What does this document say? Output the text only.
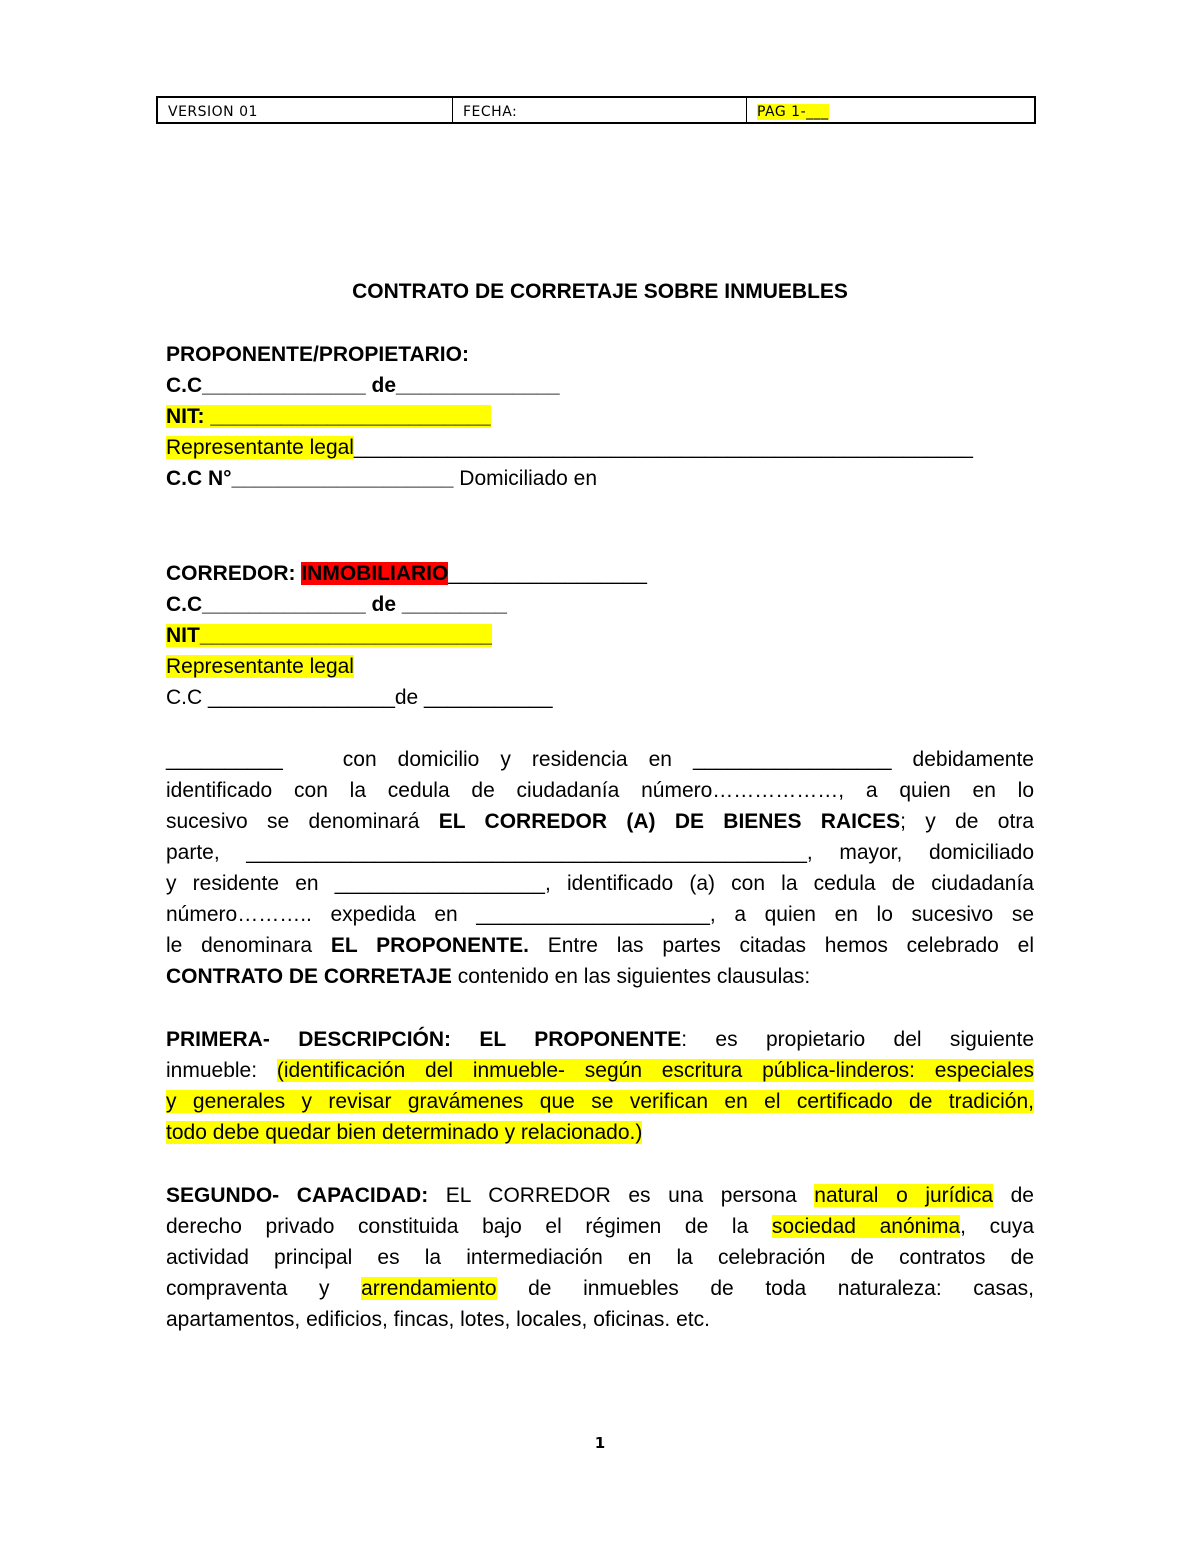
VERSION 01	FECHA:	PAG 1-___
CONTRATO DE CORRETAJE SOBRE INMUEBLES
PROPONENTE/PROPIETARIO:
C.C______________ de______________
NIT: ________________________
Representante legal_____________________________________________________
C.C N°___________________ Domiciliado en
CORREDOR: INMOBILIARIO_________________
C.C______________ de _________
NIT_________________________
Representante legal
C.C ________________de ___________
__________	con domicilio y residencia en _________________ debidamente
identificado con la cedula de ciudadanía número………………, a quien en lo
sucesivo se denominará EL CORREDOR (A) DE BIENES RAICES; y de otra
parte, ________________________________________________, mayor, domiciliado
y residente en __________________, identificado (a) con la cedula de ciudadanía
número……….. expedida en ____________________, a quien en lo sucesivo se
le denominara EL PROPONENTE. Entre las partes citadas hemos celebrado el
CONTRATO DE CORRETAJE contenido en las siguientes clausulas:
PRIMERA- DESCRIPCIÓN: EL PROPONENTE: es propietario del siguiente
inmueble: (identificación del inmueble- según escritura pública-linderos: especiales
y generales y revisar gravámenes que se verifican en el certificado de tradición,
todo debe quedar bien determinado y relacionado.)
SEGUNDO- CAPACIDAD: EL CORREDOR es una persona natural o jurídica de
derecho privado constituida bajo el régimen de la sociedad anónima, cuya
actividad principal es la intermediación en la celebración de contratos de
compraventa y arrendamiento de inmuebles de toda naturaleza: casas,
apartamentos, edificios, fincas, lotes, locales, oficinas. etc.
1
